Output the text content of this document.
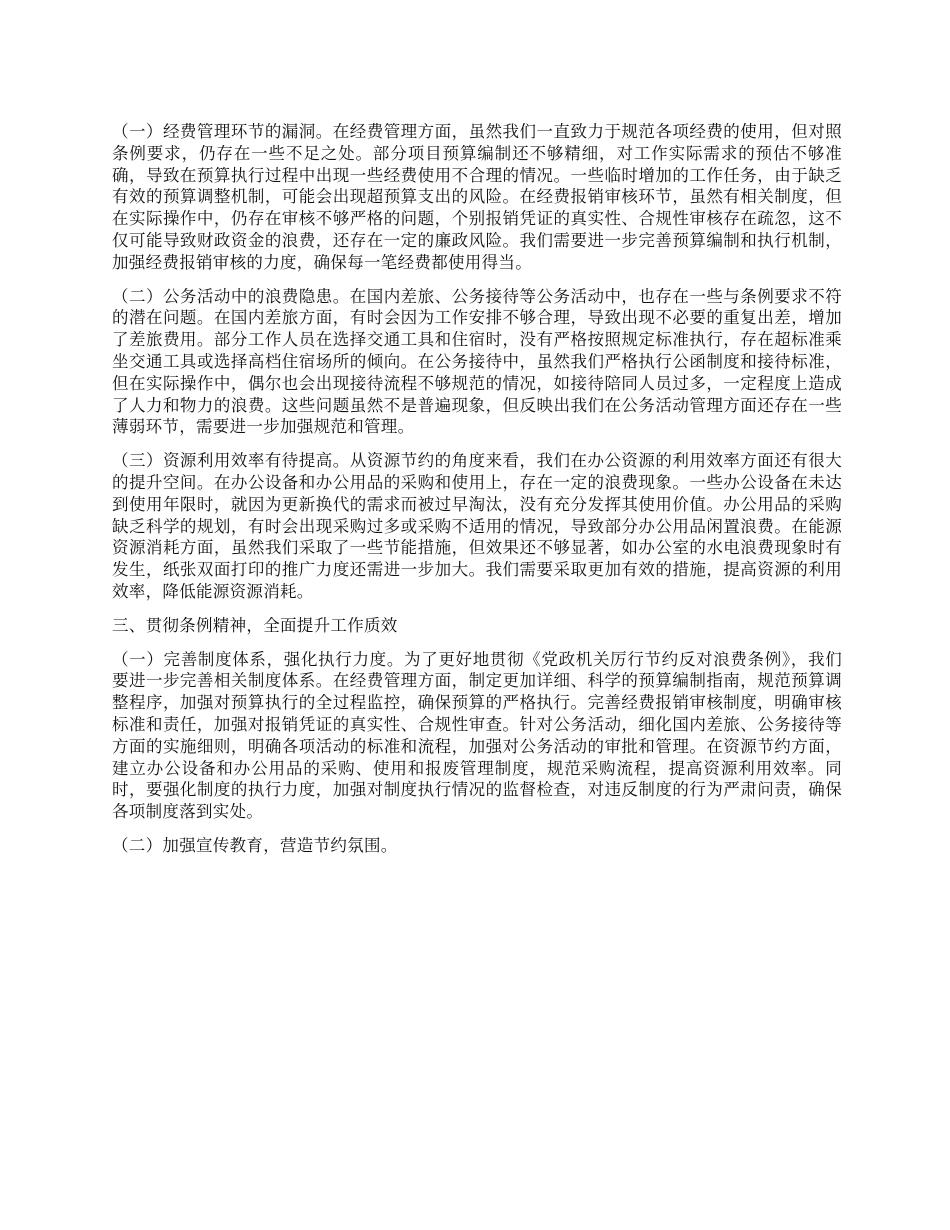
（一）经费管理环节的漏洞。在经费管理方面，虽然我们一直致力于规范各项经费的使用，但对照条例要求，仍存在一些不足之处。部分项目预算编制还不够精细，对工作实际需求的预估不够准确，导致在预算执行过程中出现一些经费使用不合理的情况。一些临时增加的工作任务，由于缺乏有效的预算调整机制，可能会出现超预算支出的风险。在经费报销审核环节，虽然有相关制度，但在实际操作中，仍存在审核不够严格的问题，个别报销凭证的真实性、合规性审核存在疏忽，这不仅可能导致财政资金的浪费，还存在一定的廉政风险。我们需要进一步完善预算编制和执行机制，加强经费报销审核的力度，确保每一笔经费都使用得当。

（二）公务活动中的浪费隐患。在国内差旅、公务接待等公务活动中，也存在一些与条例要求不符的潜在问题。在国内差旅方面，有时会因为工作安排不够合理，导致出现不必要的重复出差，增加了差旅费用。部分工作人员在选择交通工具和住宿时，没有严格按照规定标准执行，存在超标准乘坐交通工具或选择高档住宿场所的倾向。在公务接待中，虽然我们严格执行公函制度和接待标准，但在实际操作中，偶尔也会出现接待流程不够规范的情况，如接待陪同人员过多，一定程度上造成了人力和物力的浪费。这些问题虽然不是普遍现象，但反映出我们在公务活动管理方面还存在一些薄弱环节，需要进一步加强规范和管理。

（三）资源利用效率有待提高。从资源节约的角度来看，我们在办公资源的利用效率方面还有很大的提升空间。在办公设备和办公用品的采购和使用上，存在一定的浪费现象。一些办公设备在未达到使用年限时，就因为更新换代的需求而被过早淘汰，没有充分发挥其使用价值。办公用品的采购缺乏科学的规划，有时会出现采购过多或采购不适用的情况，导致部分办公用品闲置浪费。在能源资源消耗方面，虽然我们采取了一些节能措施，但效果还不够显著，如办公室的水电浪费现象时有发生，纸张双面打印的推广力度还需进一步加大。我们需要采取更加有效的措施，提高资源的利用效率，降低能源资源消耗。

三、贯彻条例精神，全面提升工作质效

（一）完善制度体系，强化执行力度。为了更好地贯彻《党政机关厉行节约反对浪费条例》，我们要进一步完善相关制度体系。在经费管理方面，制定更加详细、科学的预算编制指南，规范预算调整程序，加强对预算执行的全过程监控，确保预算的严格执行。完善经费报销审核制度，明确审核标准和责任，加强对报销凭证的真实性、合规性审查。针对公务活动，细化国内差旅、公务接待等方面的实施细则，明确各项活动的标准和流程，加强对公务活动的审批和管理。在资源节约方面，建立办公设备和办公用品的采购、使用和报废管理制度，规范采购流程，提高资源利用效率。同时，要强化制度的执行力度，加强对制度执行情况的监督检查，对违反制度的行为严肃问责，确保各项制度落到实处。

（二）加强宣传教育，营造节约氛围。
